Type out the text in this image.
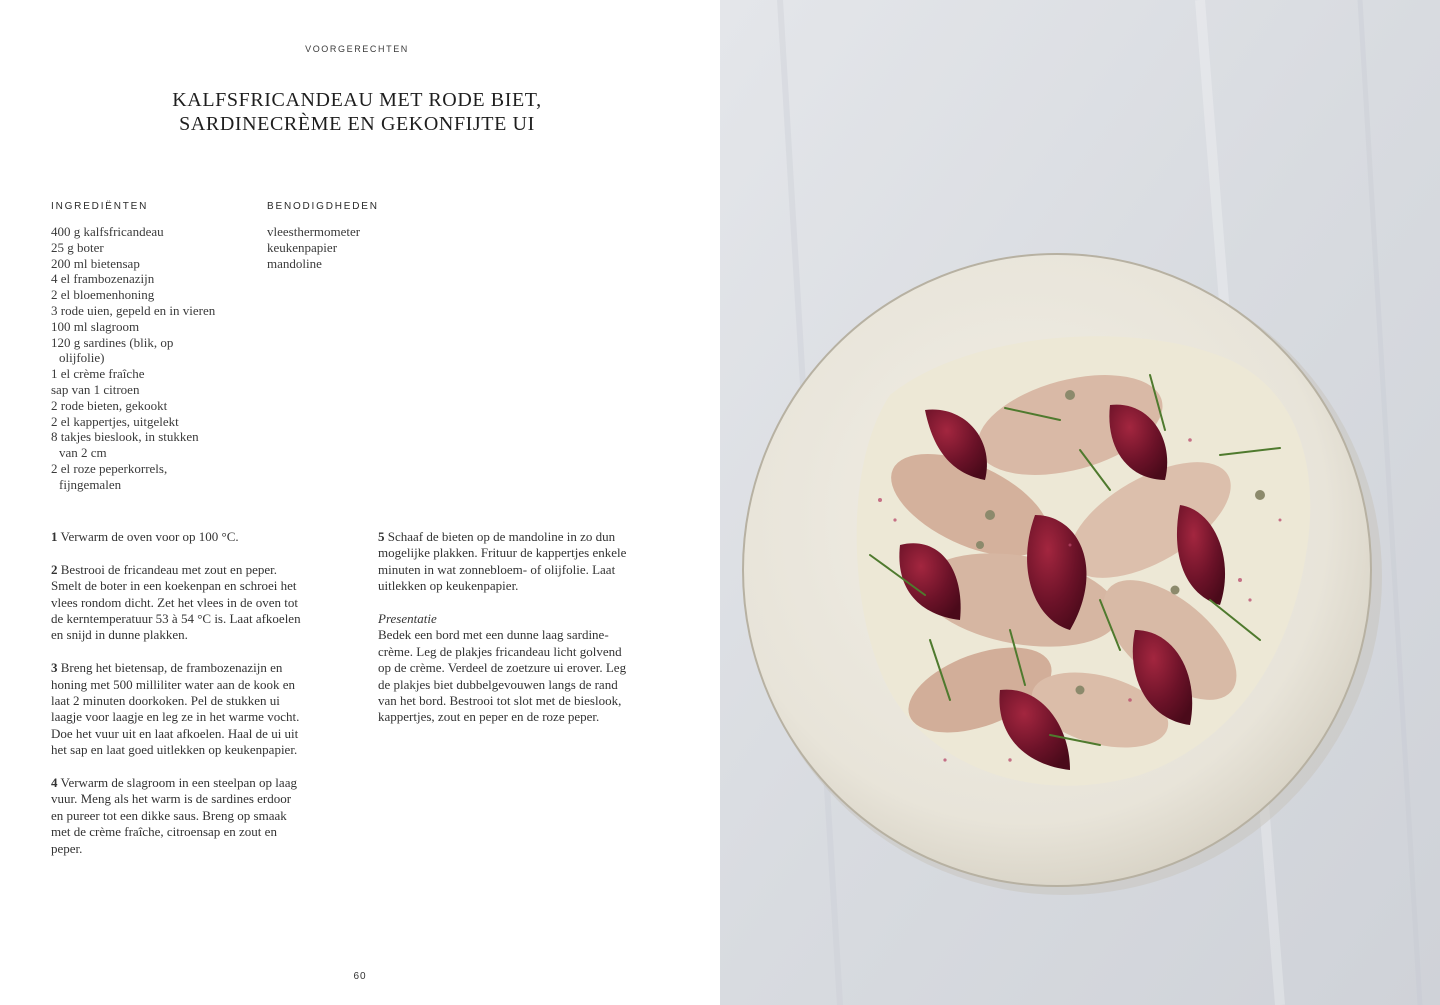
VOORGERECHTEN
KALFSFRICANDEAU MET RODE BIET,
SARDINECRÈME EN GEKONFIJTE UI
INGREDIËNTEN
400 g kalfsfricandeau
25 g boter
200 ml bietensap
4 el frambozenazijn
2 el bloemenhoning
3 rode uien, gepeld en in vieren
100 ml slagroom
120 g sardines (blik, op
olijfolie)
1 el crème fraîche
sap van 1 citroen
2 rode bieten, gekookt
2 el kappertjes, uitgelekt
8 takjes bieslook, in stukken
van 2 cm
2 el roze peperkorrels,
fijngemalen
BENODIGDHEDEN
vleesthermometer
keukenpapier
mandoline

1 Verwarm de oven voor op 100 °C.

2 Bestrooi de fricandeau met zout en peper.
Smelt de boter in een koekenpan en schroei het
vlees rondom dicht. Zet het vlees in de oven tot
de kerntemperatuur 53 à 54 °C is. Laat afkoelen
en snijd in dunne plakken.

3 Breng het bietensap, de frambozenazijn en
honing met 500 milliliter water aan de kook en
laat 2 minuten doorkoken. Pel de stukken ui
laagje voor laagje en leg ze in het warme vocht.
Doe het vuur uit en laat afkoelen. Haal de ui uit
het sap en laat goed uitlekken op keukenpapier.

4 Verwarm de slagroom in een steelpan op laag
vuur. Meng als het warm is de sardines erdoor
en pureer tot een dikke saus. Breng op smaak
met de crème fraîche, citroensap en zout en
peper.

5 Schaaf de bieten op de mandoline in zo dun
mogelijke plakken. Frituur de kappertjes enkele
minuten in wat zonnebloem- of olijfolie. Laat
uitlekken op keukenpapier.

Presentatie
Bedek een bord met een dunne laag sardine-
crème. Leg de plakjes fricandeau licht golvend
op de crème. Verdeel de zoetzure ui erover. Leg
de plakjes biet dubbelgevouwen langs de rand
van het bord. Bestrooi tot slot met de bieslook,
kappertjes, zout en peper en de roze peper.

60
